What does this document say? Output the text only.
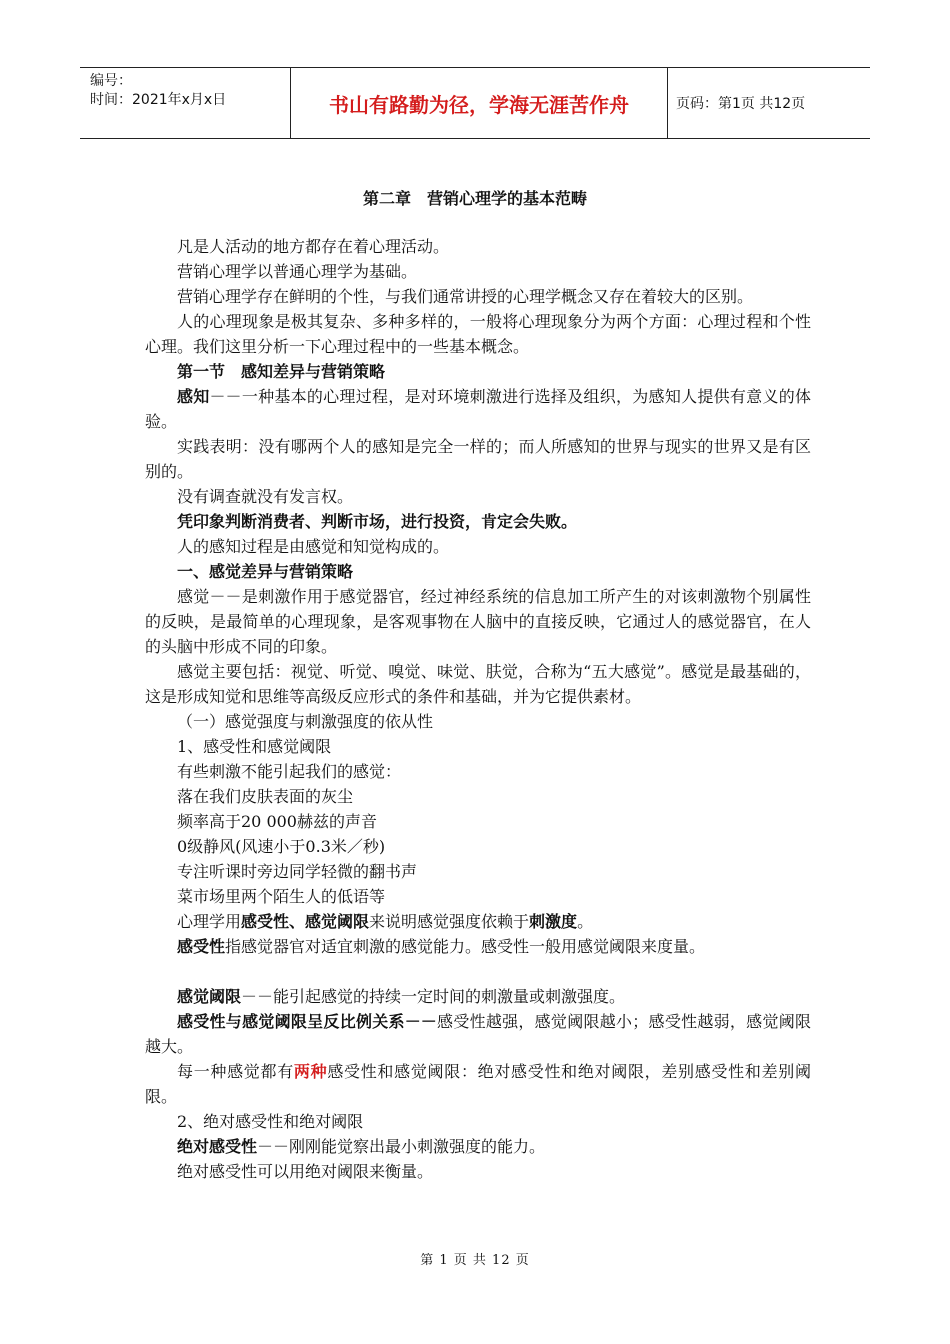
编号：
时间：2021年x月x日	书山有路勤为径，学海无涯苦作舟	页码：第1页 共12页
第二章　营销心理学的基本范畴

凡是人活动的地方都存在着心理活动。

营销心理学以普通心理学为基础。

营销心理学存在鲜明的个性，与我们通常讲授的心理学概念又存在着较大的区别。

人的心理现象是极其复杂、多种多样的，一般将心理现象分为两个方面：心理过程和个性心理。我们这里分析一下心理过程中的一些基本概念。

第一节　感知差异与营销策略

感知－－一种基本的心理过程，是对环境刺激进行选择及组织，为感知人提供有意义的体验。

实践表明：没有哪两个人的感知是完全一样的；而人所感知的世界与现实的世界又是有区别的。

没有调查就没有发言权。

凭印象判断消费者、判断市场，进行投资，肯定会失败。

人的感知过程是由感觉和知觉构成的。

一、感觉差异与营销策略

感觉－－是刺激作用于感觉器官，经过神经系统的信息加工所产生的对该刺激物个别属性的反映，是最简单的心理现象，是客观事物在人脑中的直接反映，它通过人的感觉器官，在人的头脑中形成不同的印象。

感觉主要包括：视觉、听觉、嗅觉、味觉、肤觉，合称为“五大感觉”。感觉是最基础的，这是形成知觉和思维等高级反应形式的条件和基础，并为它提供素材。

（一）感觉强度与刺激强度的依从性

1、感受性和感觉阈限

有些刺激不能引起我们的感觉：

落在我们皮肤表面的灰尘

频率高于20 000赫兹的声音

0级静风(风速小于0.3米／秒)

专注听课时旁边同学轻微的翻书声

菜市场里两个陌生人的低语等

心理学用感受性、感觉阈限来说明感觉强度依赖于刺激度。

感受性指感觉器官对适宜刺激的感觉能力。感受性一般用感觉阈限来度量。

感觉阈限－－能引起感觉的持续一定时间的刺激量或刺激强度。

感受性与感觉阈限呈反比例关系－－感受性越强，感觉阈限越小；感受性越弱，感觉阈限越大。

每一种感觉都有两种感受性和感觉阈限：绝对感受性和绝对阈限，差别感受性和差别阈限。

2、绝对感受性和绝对阈限

绝对感受性－－刚刚能觉察出最小刺激强度的能力。

绝对感受性可以用绝对阈限来衡量。

第 1 页 共 12 页
